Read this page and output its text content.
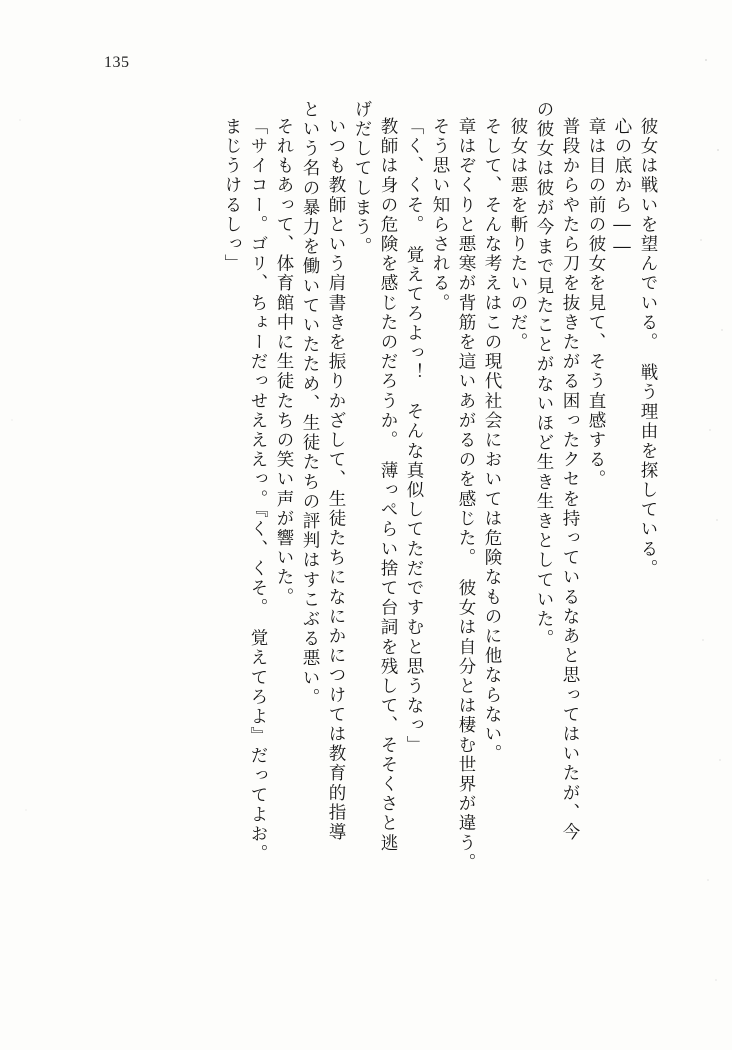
135
彼女は戦いを望んでいる。　戦う理由を探している。
心の底から――
章は目の前の彼女を見て、そう直感する。
普段からやたら刀を抜きたがる困ったクセを持っているなあと思ってはいたが、今
の彼女は彼が今まで見たことがないほど生き生きとしていた。
彼女は悪を斬りたいのだ。
そして、そんな考えはこの現代社会においては危険なものに他ならない。
章はぞくりと悪寒が背筋を這いあがるのを感じた。　彼女は自分とは棲む世界が違う。
そう思い知らされる。
「く、くそ。　覚えてろよっ！　そんな真似してただですむと思うなっ」
教師は身の危険を感じたのだろうか。　薄っぺらい捨て台詞を残して、そそくさと逃
げだしてしまう。
いつも教師という肩書きを振りかざして、生徒たちになにかにつけては教育的指導
という名の暴力を働いていたため、生徒たちの評判はすこぶる悪い。
それもあって、体育館中に生徒たちの笑い声が響いた。
「サイコー。ゴリ、ちょーだっせえええっ。『く、くそ。　覚えてろよ』だってよお。
まじうけるしっ」
